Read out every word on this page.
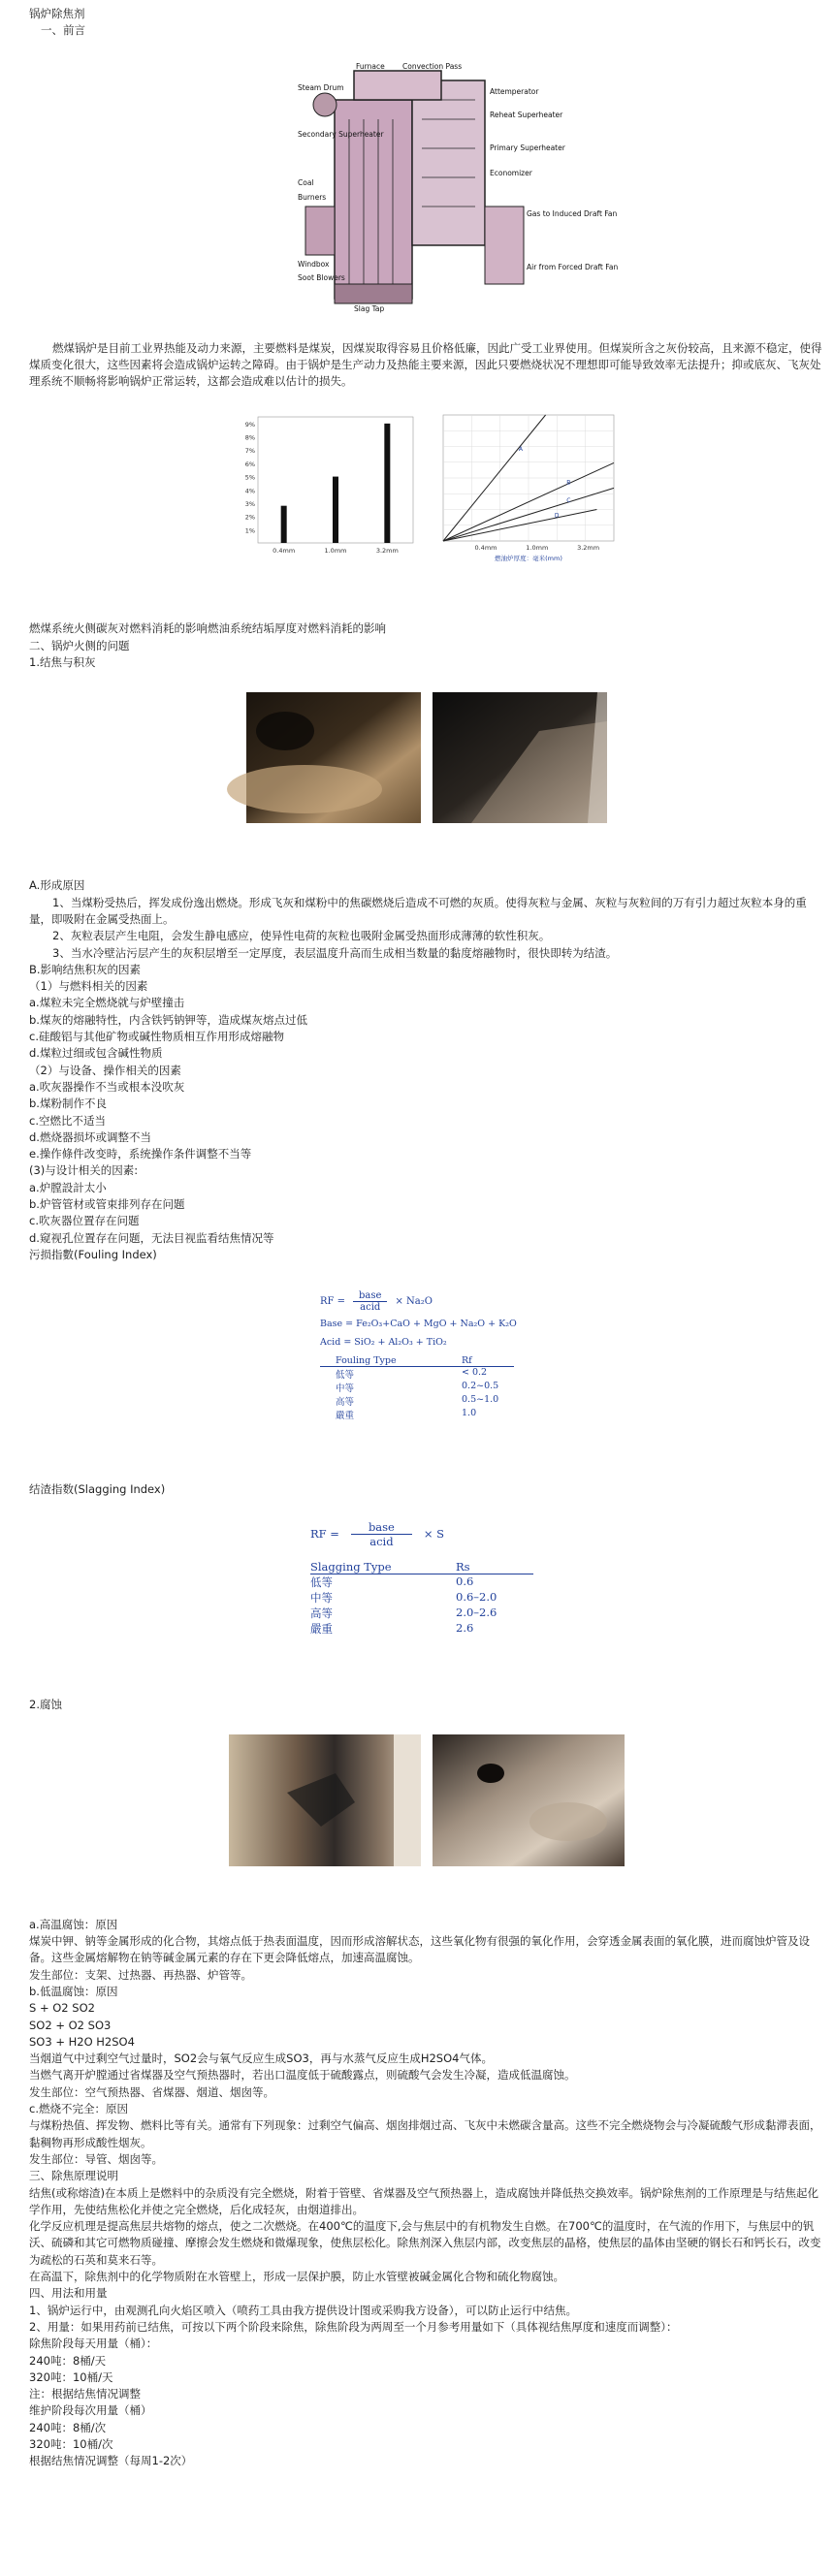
锅炉除焦剂
一、前言
Furnace Convection Pass
Steam Drum	Attemperator
Reheat Superheater
Secondary Superheater
Primary Superheater
Economizer
Coal
Burners
Windbox
Soot Blowers
Slag Tap
Gas to Induced Draft Fan
Air from Forced Draft Fan

燃煤锅炉是目前工业界热能及动力来源，主要燃料是煤炭，因煤炭取得容易且价格低廉，因此广受工业界使用。但煤炭所含之灰份较高，且来源不稳定，使得煤质变化很大，这些因素将会造成锅炉运转之障碍。由于锅炉是生产动力及热能主要来源，因此只要燃烧状况不理想即可能导致效率无法提升；抑或底灰、飞灰处理系统不顺畅将影响锅炉正常运转，这都会造成难以估计的损失。

9%
8%
7%
6%
5%
4%
3%
2%
1%
0.4mm	1.0mm	3.2mm
A
B
C
D
0.4mm	1.0mm	3.2mm
燃油炉厚度：毫米(mm)
燃煤系统火侧碳灰对燃料消耗的影响燃油系统结垢厚度对燃料消耗的影响
二、锅炉火侧的问题
1.结焦与积灰
A.形成原因

1、当煤粉受热后，挥发成份逸出燃烧。形成飞灰和煤粉中的焦碳燃烧后造成不可燃的灰质。使得灰粒与金属、灰粒与灰粒间的万有引力超过灰粒本身的重量，即吸附在金属受热面上。

2、灰粒表层产生电阻，会发生静电感应，使异性电荷的灰粒也吸附金属受热面形成薄薄的软性积灰。

3、当水冷壁沾污层产生的灰积层增至一定厚度，表层温度升高而生成相当数量的黏度熔融物时，很快即转为结渣。

B.影响结焦积灰的因素
（1）与燃料相关的因素
a.煤粒未完全燃烧就与炉壁撞击
b.煤灰的熔融特性，内含铁钙钠钾等，造成煤灰熔点过低
c.硅酸铝与其他矿物或碱性物质相互作用形成熔融物
d.煤粒过细或包含碱性物质
（2）与设备、操作相关的因素
a.吹灰器操作不当或根本没吹灰
b.煤粉制作不良
c.空燃比不适当
d.燃烧器损坏或调整不当
e.操作條件改变時，系统操作条件调整不当等
(3)与设计相关的因素:
a.炉膛設計太小
b.炉管管材或管束排列存在问题
c.吹灰器位置存在问题
d.窥视孔位置存在问题，无法目视监看结焦情况等
污损指數(Fouling Index)
RF =
base
acid
× Na₂O
Base = Fe₂O₃+CaO + MgO + Na₂O + K₂O
Acid = SiO₂ + Al₂O₃ + TiO₂
Fouling Type	Rf
低等	< 0.2
中等	0.2~0.5
高等	0.5~1.0
嚴重	1.0
结渣指数(Slagging Index)
RF =
base
acid
× S
Slagging Type	Rs
低等	0.6
中等	0.6–2.0
高等	2.0–2.6
嚴重	2.6
2.腐蚀
a.高温腐蚀：原因
煤炭中钾、钠等金属形成的化合物，其熔点低于热表面温度，因而形成溶解状态，这些氧化物有很强的氧化作用，会穿透金属表面的氧化膜，进而腐蚀炉管及设备。这些金属熔解物在钠等碱金属元素的存在下更会降低熔点，加速高温腐蚀。
发生部位：支架、过热器、再热器、炉管等。
b.低温腐蚀：原因
S + O2 SO2
SO2 + O2 SO3
SO3 + H2O H2SO4
当烟道气中过剩空气过量时，SO2会与氧气反应生成SO3，再与水蒸气反应生成H2SO4气体。
当燃气离开炉膛通过省煤器及空气预热器时，若出口温度低于硫酸露点，则硫酸气会发生冷凝，造成低温腐蚀。
发生部位：空气预热器、省煤器、烟道、烟囱等。
c.燃烧不完全：原因
与煤粉热值、挥发物、燃料比等有关。通常有下列现象：过剩空气偏高、烟囱排烟过高、飞灰中未燃碳含量高。这些不完全燃烧物会与冷凝硫酸气形成黏滞表面，黏稠物再形成酸性烟灰。
发生部位：导管、烟囱等。
三、除焦原理说明
结焦(或称熔渣)在本质上是燃料中的杂质没有完全燃烧，附着于管壁、省煤器及空气预热器上，造成腐蚀并降低热交换效率。锅炉除焦剂的工作原理是与结焦起化学作用，先使结焦松化并使之完全燃烧，后化成轻灰，由烟道排出。
化学反应机理是提高焦层共熔物的熔点，使之二次燃烧。在400℃的温度下,会与焦层中的有机物发生自燃。在700℃的温度时，在气流的作用下，与焦层中的钒沃、硫磷和其它可燃物质碰撞、摩擦会发生燃烧和微爆现象，使焦层松化。除焦剂深入焦层内部，改变焦层的晶格，使焦层的晶体由坚硬的钢长石和钙长石，改变为疏松的石英和莫来石等。
在高温下，除焦剂中的化学物质附在水管壁上，形成一层保护膜，防止水管壁被碱金属化合物和硫化物腐蚀。
四、用法和用量
1、锅炉运行中，由观测孔向火焰区喷入（喷药工具由我方提供设计图或采购我方设备），可以防止运行中结焦。
2、用量：如果用药前已结焦，可按以下两个阶段来除焦，除焦阶段为两周至一个月参考用量如下（具体视结焦厚度和速度而调整）：
除焦阶段每天用量（桶）：
240吨：8桶/天
320吨：10桶/天
注：根据结焦情况调整
维护阶段每次用量（桶）
240吨：8桶/次
320吨：10桶/次
根据结焦情况调整（每周1-2次）
